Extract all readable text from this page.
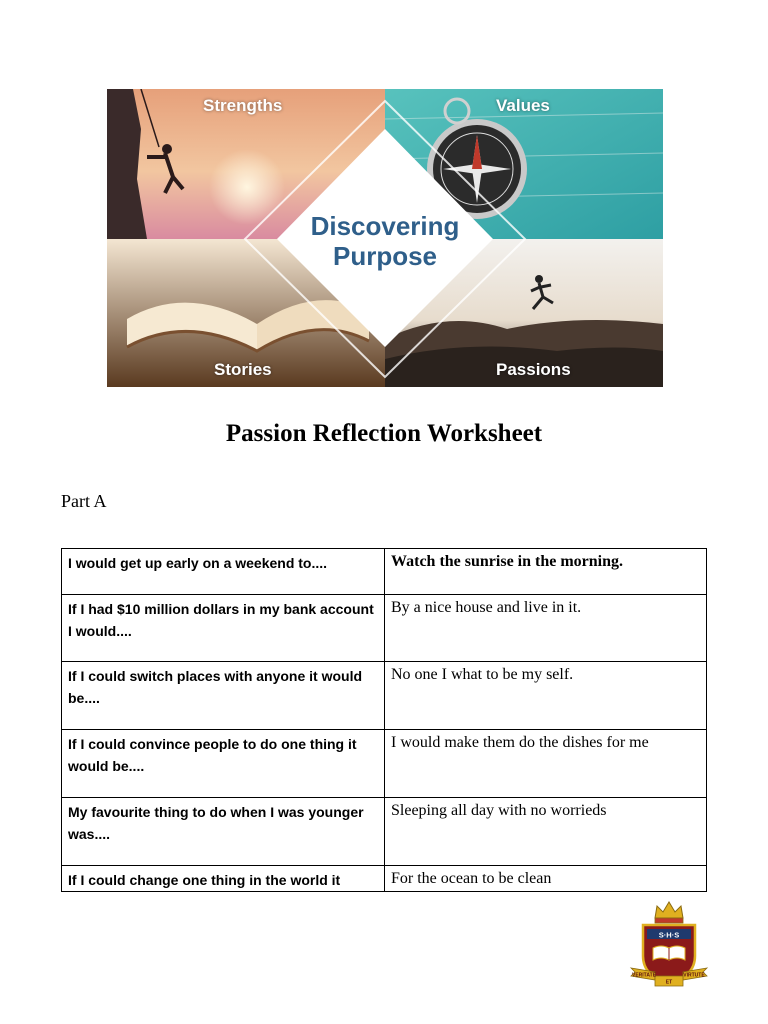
Discovering
Purpose
Strengths	Values
Stories	Passions
Passion Reflection Worksheet
Part A
I would get up early on a weekend to....	Watch the sunrise in the morning.
If I had $10 million dollars in my bank account I would....	By a nice house and live in it.
If I could switch places with anyone it would be....	No one I what to be my self.
If I could convince people to do one thing it would be....	I would make them do the dishes for me
My favourite thing to do when I was younger was....	Sleeping all day with no worrieds
If I could change one thing in the world it	For the ocean to be clean
S·H·S
VERITATE
ET
VIRTUTE
